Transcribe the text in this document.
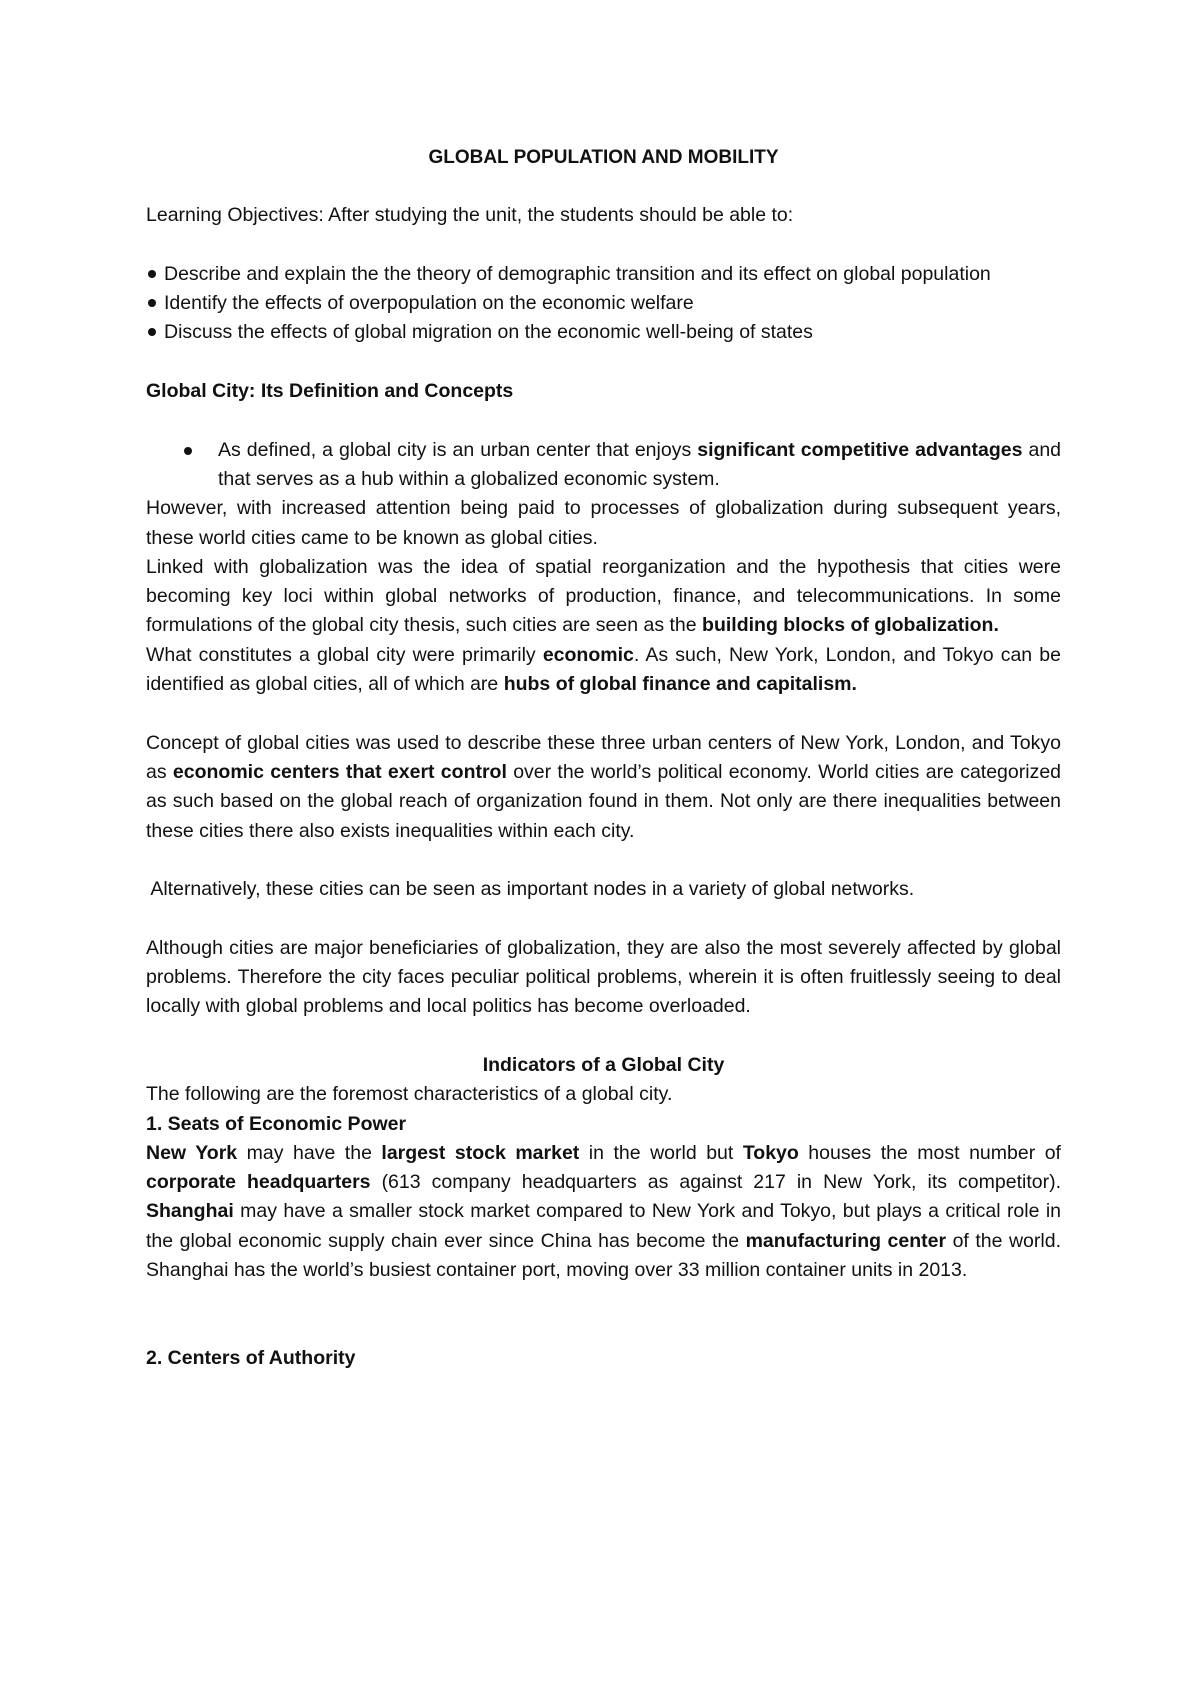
GLOBAL POPULATION AND MOBILITY

Learning Objectives: After studying the unit, the students should be able to:

Describe and explain the the theory of demographic transition and its effect on global population
Identify the effects of overpopulation on the economic welfare
Discuss the effects of global migration on the economic well-being of states

Global City: Its Definition and Concepts

As defined, a global city is an urban center that enjoys significant competitive advantages and that serves as a hub within a globalized economic system.

However, with increased attention being paid to processes of globalization during subsequent years, these world cities came to be known as global cities.

Linked with globalization was the idea of spatial reorganization and the hypothesis that cities were becoming key loci within global networks of production, finance, and telecommunications. In some formulations of the global city thesis, such cities are seen as the building blocks of globalization.

What constitutes a global city were primarily economic. As such, New York, London, and Tokyo can be identified as global cities, all of which are hubs of global finance and capitalism.

Concept of global cities was used to describe these three urban centers of New York, London, and Tokyo as economic centers that exert control over the world’s political economy. World cities are categorized as such based on the global reach of organization found in them. Not only are there inequalities between these cities there also exists inequalities within each city.

Alternatively, these cities can be seen as important nodes in a variety of global networks.

Although cities are major beneficiaries of globalization, they are also the most severely affected by global problems. Therefore the city faces peculiar political problems, wherein it is often fruitlessly seeing to deal locally with global problems and local politics has become overloaded.

Indicators of a Global City

The following are the foremost characteristics of a global city.

1. Seats of Economic Power

New York may have the largest stock market in the world but Tokyo houses the most number of corporate headquarters (613 company headquarters as against 217 in New York, its competitor). Shanghai may have a smaller stock market compared to New York and Tokyo, but plays a critical role in the global economic supply chain ever since China has become the manufacturing center of the world. Shanghai has the world’s busiest container port, moving over 33 million container units in 2013.

2. Centers of Authority
